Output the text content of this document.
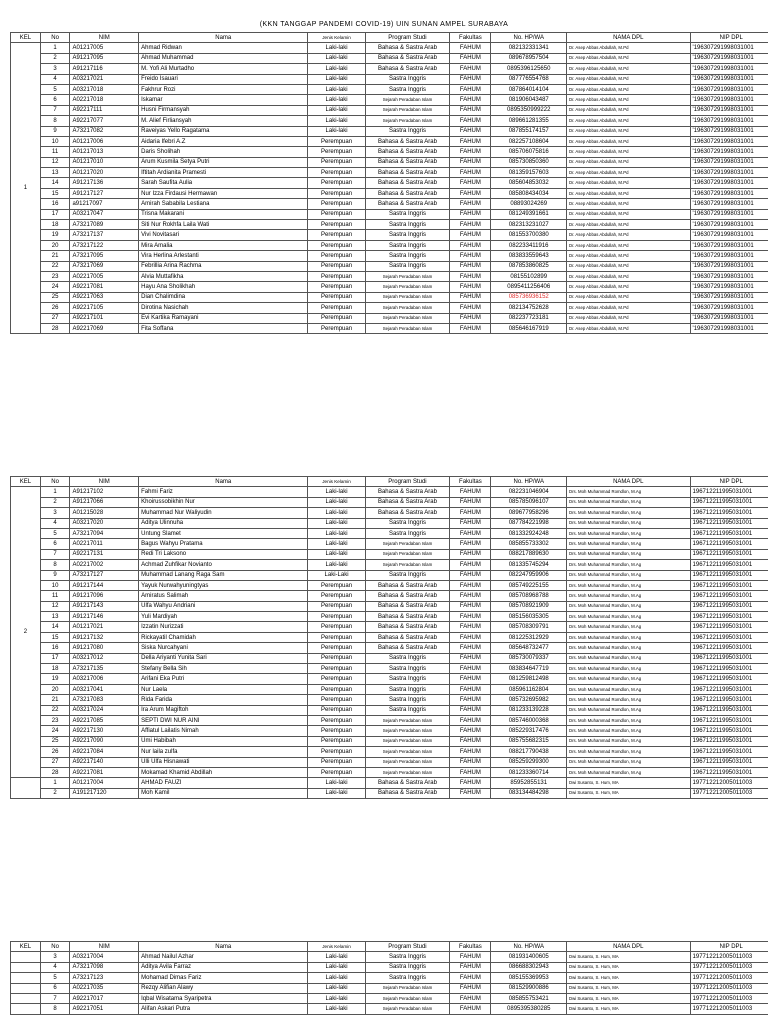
(KKN TANGGAP PANDEMI COVID-19) UIN SUNAN AMPEL SURABAYA
KEL	No	NIM	Nama	Jenis Kelamin	Program Studi	Fakultas	No. HP/WA	NAMA DPL	NIP DPL
1	1	A01217005	Ahmad Ridwan	Laki-laki	Bahasa & Sastra Arab	FAHUM	082132331341	Dr. Asep Abbas Abdullah, M.Pd	'196307291998031001
	2	A91217095	Ahmad Muhammad	Laki-laki	Bahasa & Sastra Arab	FAHUM	089678957504	Dr. Asep Abbas Abdullah, M.Pd	'196307291998031001
	3	A91217116	M. Yofi Ali Murtadho	Laki-laki	Bahasa & Sastra Arab	FAHUM	0895396125650	Dr. Asep Abbas Abdullah, M.Pd	'196307291998031001
	4	A03217021	Freido Isauari	Laki-laki	Sastra Inggris	FAHUM	087776554768	Dr. Asep Abbas Abdullah, M.Pd	'196307291998031001
	5	A03217018	Fakhrur Rozi	Laki-laki	Sastra Inggris	FAHUM	087864014104	Dr. Asep Abbas Abdullah, M.Pd	'196307291998031001
	6	A02217018	Iskamar	Laki-laki	Sejarah Peradaban Islam	FAHUM	081906043487	Dr. Asep Abbas Abdullah, M.Pd	'196307291998031001
	7	A92217111	Husni Firmansyah	Laki-laki	Sejarah Peradaban Islam	FAHUM	0895350999222	Dr. Asep Abbas Abdullah, M.Pd	'196307291998031001
	8	A92217077	M. Alief Firliansyah	Laki-laki	Sejarah Peradaban Islam	FAHUM	089661281355	Dr. Asep Abbas Abdullah, M.Pd	'196307291998031001
	9	A73217082	Raveiyas Yello Ragatama	Laki-laki	Sastra Inggris	FAHUM	087855174157	Dr. Asep Abbas Abdullah, M.Pd	'196307291998031001
	10	A01217006	Aidaria Ifebri A.Z	Perempuan	Bahasa & Sastra Arab	FAHUM	082257108604	Dr. Asep Abbas Abdullah, M.Pd	'196307291998031001
	11	A01217013	Daris Sholihah	Perempuan	Bahasa & Sastra Arab	FAHUM	085706075816	Dr. Asep Abbas Abdullah, M.Pd	'196307291998031001
	12	A01217010	Arum Kusmila Setya Putri	Perempuan	Bahasa & Sastra Arab	FAHUM	085730850360	Dr. Asep Abbas Abdullah, M.Pd	'196307291998031001
	13	A01217020	Iftitah Ardianita Pramesti	Perempuan	Bahasa & Sastra Arab	FAHUM	081359157603	Dr. Asep Abbas Abdullah, M.Pd	'196307291998031001
	14	A91217136	Sarah Saufita Aulia	Perempuan	Bahasa & Sastra Arab	FAHUM	085604853032	Dr. Asep Abbas Abdullah, M.Pd	'196307291998031001
	15	A91217127	Nur Izza Firdausi Hermawan	Perempuan	Bahasa & Sastra Arab	FAHUM	085808434034	Dr. Asep Abbas Abdullah, M.Pd	'196307291998031001
	16	a91217097	Amirah Sababila Lestiana	Perempuan	Bahasa & Sastra Arab	FAHUM	08893024269	Dr. Asep Abbas Abdullah, M.Pd	'196307291998031001
	17	A03217047	Trisna Makarani	Perempuan	Sastra Inggris	FAHUM	081249391661	Dr. Asep Abbas Abdullah, M.Pd	'196307291998031001
	18	A73217089	Siti Nur Rokhfa Laila Wati	Perempuan	Sastra Inggris	FAHUM	082313231027	Dr. Asep Abbas Abdullah, M.Pd	'196307291998031001
	19	A73217137	Vivi Novitasari	Perempuan	Sastra Inggris	FAHUM	081553700380	Dr. Asep Abbas Abdullah, M.Pd	'196307291998031001
	20	A73217122	Mira Amalia	Perempuan	Sastra Inggris	FAHUM	082233411916	Dr. Asep Abbas Abdullah, M.Pd	'196307291998031001
	21	A73217095	Vira Herlina Arlestanti	Perempuan	Sastra Inggris	FAHUM	083833559643	Dr. Asep Abbas Abdullah, M.Pd	'196307291998031001
	22	A73217069	Febrillia Arina Rachma	Perempuan	Sastra Inggris	FAHUM	087853860825	Dr. Asep Abbas Abdullah, M.Pd	'196307291998031001
	23	A02217005	Alvia Muttafikha	Perempuan	Sejarah Peradaban Islam	FAHUM	08155102899	Dr. Asep Abbas Abdullah, M.Pd	'196307291998031001
	24	A92217081	Hayu Ana Sholikhah	Perempuan	Sejarah Peradaban Islam	FAHUM	0895411256406	Dr. Asep Abbas Abdullah, M.Pd	'196307291998031001
	25	A92217063	Dian Chalimdina	Perempuan	Sejarah Peradaban Islam	FAHUM	085736936152	Dr. Asep Abbas Abdullah, M.Pd	'196307291998031001
	26	A92217105	Dirotina Nasichah	Perempuan	Sejarah Peradaban Islam	FAHUM	082134752628	Dr. Asep Abbas Abdullah, M.Pd	'196307291998031001
	27	A92217101	Evi Kartika Ramayani	Perempuan	Sejarah Peradaban Islam	FAHUM	082237723181	Dr. Asep Abbas Abdullah, M.Pd	'196307291998031001
	28	A92217069	Fita Soffana	Perempuan	Sejarah Peradaban Islam	FAHUM	085646167919	Dr. Asep Abbas Abdullah, M.Pd	'196307291998031001
KEL	No	NIM	Nama	Jenis Kelamin	Program Studi	Fakultas	No. HP/WA	NAMA DPL	NIP DPL
2	1	A91217102	Fahmi Fariz	Laki-laki	Bahasa & Sastra Arab	FAHUM	082231046904	Drs. Moh Muhammad Romdlon, M.Ag	196712211995031001
	2	A91217066	Khoirussobikhin Nur	Laki-laki	Bahasa & Sastra Arab	FAHUM	085785096107	Drs. Moh Muhammad Romdlon, M.Ag	196712211995031001
	3	A01215028	Muhammad Nur Waliyudin	Laki-laki	Bahasa & Sastra Arab	FAHUM	089677958296	Drs. Moh Muhammad Romdlon, M.Ag	196712211995031001
	4	A03217020	Aditya Ulinnuha	Laki-laki	Sastra Inggris	FAHUM	087784221998	Drs. Moh Muhammad Romdlon, M.Ag	196712211995031001
	5	A73217094	Untung Slamet	Laki-laki	Sastra Inggris	FAHUM	081332924248	Drs. Moh Muhammad Romdlon, M.Ag	196712211995031001
	6	A02217011	Bagus Wahyu Pratama	Laki-laki	Sejarah Peradaban Islam	FAHUM	085855733302	Drs. Moh Muhammad Romdlon, M.Ag	196712211995031001
	7	A92217131	Redi Tri Laksono	Laki-laki	Sejarah Peradaban Islam	FAHUM	088217889630	Drs. Moh Muhammad Romdlon, M.Ag	196712211995031001
	8	A02217002	Achmad Zuhfikar Novianto	Laki-laki	Sejarah Peradaban Islam	FAHUM	081335745294	Drs. Moh Muhammad Romdlon, M.Ag	196712211995031001
	9	A73217127	Muhammad Lanang Raga Sam	Laki-Laki	Sastra Inggris	FAHUM	082247959906	Drs. Moh Muhammad Romdlon, M.Ag	196712211995031001
	10	A91217144	Yayuk Nurwahyuningtyas	Perempuan	Bahasa & Sastra Arab	FAHUM	085749225155	Drs. Moh Muhammad Romdlon, M.Ag	196712211995031001
	11	A91217096	Amiratus Salimah	Perempuan	Bahasa & Sastra Arab	FAHUM	085708968788	Drs. Moh Muhammad Romdlon, M.Ag	196712211995031001
	12	A91217143	Ulfa Wahyu Andriani	Perempuan	Bahasa & Sastra Arab	FAHUM	085708921909	Drs. Moh Muhammad Romdlon, M.Ag	196712211995031001
	13	A91217146	Yuli Mardiyah	Perempuan	Bahasa & Sastra Arab	FAHUM	085156035305	Drs. Moh Muhammad Romdlon, M.Ag	196712211995031001
	14	A01217021	Izzatin Nurizzati	Perempuan	Bahasa & Sastra Arab	FAHUM	085708309791	Drs. Moh Muhammad Romdlon, M.Ag	196712211995031001
	15	A91217132	Rickayatil Chamidah	Perempuan	Bahasa & Sastra Arab	FAHUM	081225312929	Drs. Moh Muhammad Romdlon, M.Ag	196712211995031001
	16	A91217080	Siska Nurcahyani	Perempuan	Bahasa & Sastra Arab	FAHUM	085648732477	Drs. Moh Muhammad Romdlon, M.Ag	196712211995031001
	17	A03217012	Della Ariyanti Yunita Sari	Perempuan	Sastra Inggris	FAHUM	085730079337	Drs. Moh Muhammad Romdlon, M.Ag	196712211995031001
	18	A73217135	Stefany Bella Sih	Perempuan	Sastra Inggris	FAHUM	083834647719	Drs. Moh Muhammad Romdlon, M.Ag	196712211995031001
	19	A03217006	Arifani Eka Putri	Perempuan	Sastra Inggris	FAHUM	081259812498	Drs. Moh Muhammad Romdlon, M.Ag	196712211995031001
	20	A03217041	Nur Laela	Perempuan	Sastra Inggris	FAHUM	085961162804	Drs. Moh Muhammad Romdlon, M.Ag	196712211995031001
	21	A73217083	Rida Farida	Perempuan	Sastra Inggris	FAHUM	085732695982	Drs. Moh Muhammad Romdlon, M.Ag	196712211995031001
	22	A03217024	Ira Arum Magiftoh	Perempuan	Sastra Inggris	FAHUM	081233139228	Drs. Moh Muhammad Romdlon, M.Ag	196712211995031001
	23	A92217085	SEPTI DWI NUR AINI	Perempuan	Sejarah Peradaban Islam	FAHUM	085746000368	Drs. Moh Muhammad Romdlon, M.Ag	196712211995031001
	24	A92217130	Affiatul Lailatis Nimah	Perempuan	Sejarah Peradaban Islam	FAHUM	085229317476	Drs. Moh Muhammad Romdlon, M.Ag	196712211995031001
	25	A92217090	Umi Habibah	Perempuan	Sejarah Peradaban Islam	FAHUM	085755682315	Drs. Moh Muhammad Romdlon, M.Ag	196712211995031001
	26	A92217084	Nur laila zulfa	Perempuan	Sejarah Peradaban Islam	FAHUM	088217790438	Drs. Moh Muhammad Romdlon, M.Ag	196712211995031001
	27	A92217140	Ulli Ulfa Hisnawati	Perempuan	Sejarah Peradaban Islam	FAHUM	085259299300	Drs. Moh Muhammad Romdlon, M.Ag	196712211995031001
	28	A92217081	Mokamad Khamid Abdillah	Perempuan	Sejarah Peradaban Islam	FAHUM	081233360714	Drs. Moh Muhammad Romdlon, M.Ag	196712211995031001
	1	A01217004	AHMAD FAUZI	Laki-laki	Bahasa & Sastra Arab	FAHUM	85952855131	Dwi Susanto, S. Hum, MA	197712212005011003
	2	A191217120	Moh Kamil	Laki-laki	Bahasa & Sastra Arab	FAHUM	083134484298	Dwi Susanto, S. Hum, MA	197712212005011003
KEL	No	NIM	Nama	Jenis Kelamin	Program Studi	Fakultas	No. HP/WA	NAMA DPL	NIP DPL
	3	A03217004	Ahmad Nailul Azhar	Laki-laki	Sastra Inggris	FAHUM	081931400605	Dwi Susanto, S. Hum, MA	197712212005011003
	4	A73217098	Aditya Avila Farraz	Laki-laki	Sastra Inggris	FAHUM	086688302943	Dwi Susanto, S. Hum, MA	197712212005011003
	5	A73217123	Mohamad Dimas Fariz	Laki-laki	Sastra Inggris	FAHUM	085155369953	Dwi Susanto, S. Hum, MA	197712212005011003
	6	A02217035	Rezqy Alifian Alawy	Laki-laki	Sejarah Peradaban Islam	FAHUM	081529900886	Dwi Susanto, S. Hum, MA	197712212005011003
	7	A92217017	Iqbal Wisatama Syaripetra	Laki-laki	Sejarah Peradaban Islam	FAHUM	085855753421	Dwi Susanto, S. Hum, MA	197712212005011003
	8	A92217051	Alifan Askari Putra	Laki-laki	Sejarah Peradaban Islam	FAHUM	0895395380285	Dwi Susanto, S. Hum, MA	197712212005011003
